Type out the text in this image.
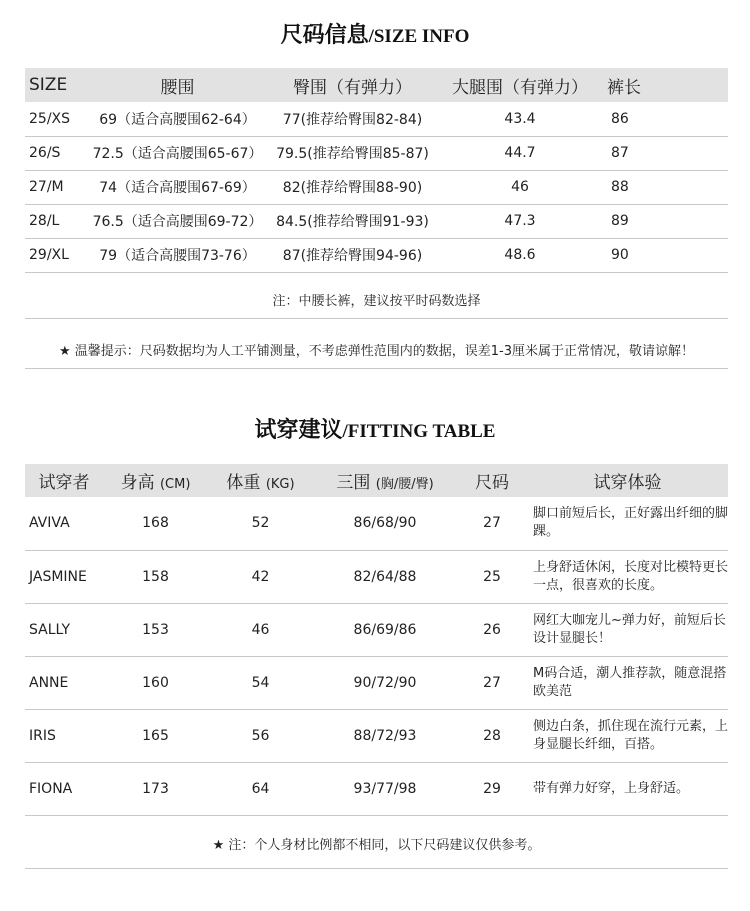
尺码信息/SIZE INFO
SIZE	腰围	臀围（有弹力）	大腿围（有弹力）	裤长
25/XS	69（适合高腰围62-64）	77(推荐给臀围82-84)	43.4	86
26/S	72.5（适合高腰围65-67）	79.5(推荐给臀围85-87)	44.7	87
27/M	74（适合高腰围67-69）	82(推荐给臀围88-90)	46	88
28/L	76.5（适合高腰围69-72）	84.5(推荐给臀围91-93)	47.3	89
29/XL	79（适合高腰围73-76）	87(推荐给臀围94-96)	48.6	90
注：中腰长裤，建议按平时码数选择
★ 温馨提示：尺码数据均为人工平铺测量，不考虑弹性范围内的数据，误差1-3厘米属于正常情况，敬请谅解！
试穿建议/FITTING TABLE
试穿者	身高 (CM)	体重 (KG)	三围 (胸/腰/臀)	尺码	试穿体验
AVIVA	168	52	86/68/90	27	脚口前短后长，正好露出纤细的脚踝。
JASMINE	158	42	82/64/88	25	上身舒适休闲，长度对比模特更长一点，很喜欢的长度。
SALLY	153	46	86/69/86	26	网红大咖宠儿~弹力好，前短后长设计显腿长！
ANNE	160	54	90/72/90	27	M码合适，潮人推荐款，随意混搭欧美范
IRIS	165	56	88/72/93	28	侧边白条，抓住现在流行元素，上身显腿长纤细，百搭。
FIONA	173	64	93/77/98	29	带有弹力好穿，上身舒适。
★ 注：个人身材比例都不相同，以下尺码建议仅供参考。
